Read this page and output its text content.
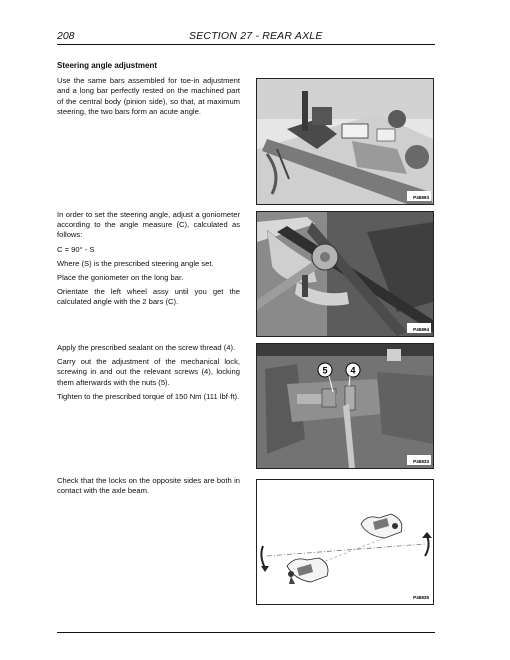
208	SECTION 27 - REAR AXLE

Steering angle adjustment

Use the same bars assembled for toe-in adjustment and a long bar perfectly rested on the machined part of the central body (pinion side), so that, at maximum steering, the two bars form an acute angle.

P46893

In order to set the steering angle, adjust a goniometer according to the angle measure (C), calculated as follows:

C = 90° - S

Where (S) is the prescribed steering angle set.

Place the goniometer on the long bar.

Orientate the left wheel assy until you get the calculated angle with the 2 bars (C).

P46894

Apply the prescribed sealant on the screw thread (4).

Carry out the adjustment of the mechanical lock, screwing in and out the relevant screws (4), locking them afterwards with the nuts (5).

Tighten to the prescribed torque of 150 Nm (111 lbf·ft).

5	4
P46833

Check that the locks on the opposite sides are both in contact with the axle beam.

P46835
